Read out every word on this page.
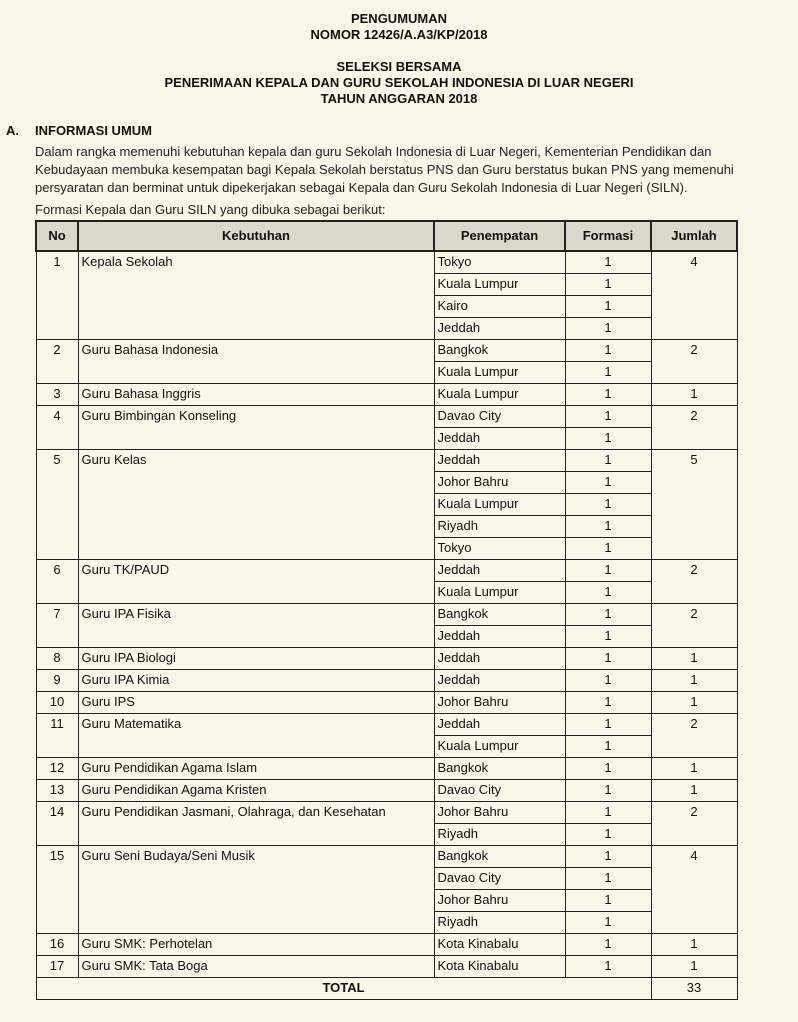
PENGUMUMAN
NOMOR 12426/A.A3/KP/2018
SELEKSI BERSAMA
PENERIMAAN KEPALA DAN GURU SEKOLAH INDONESIA DI LUAR NEGERI
TAHUN ANGGARAN 2018
A. INFORMASI UMUM
Dalam rangka memenuhi kebutuhan kepala dan guru Sekolah Indonesia di Luar Negeri, Kementerian Pendidikan dan Kebudayaan membuka kesempatan bagi Kepala Sekolah berstatus PNS dan Guru berstatus bukan PNS yang memenuhi persyaratan dan berminat untuk dipekerjakan sebagai Kepala dan Guru Sekolah Indonesia di Luar Negeri (SILN).
Formasi Kepala dan Guru SILN yang dibuka sebagai berikut:
No	Kebutuhan	Penempatan	Formasi	Jumlah
1	Kepala Sekolah	Tokyo	1	4
		Kuala Lumpur	1	
		Kairo	1	
		Jeddah	1	
2	Guru Bahasa Indonesia	Bangkok	1	2
		Kuala Lumpur	1	
3	Guru Bahasa Inggris	Kuala Lumpur	1	1
4	Guru Bimbingan Konseling	Davao City	1	2
		Jeddah	1	
5	Guru Kelas	Jeddah	1	5
		Johor Bahru	1	
		Kuala Lumpur	1	
		Riyadh	1	
		Tokyo	1	
6	Guru TK/PAUD	Jeddah	1	2
		Kuala Lumpur	1	
7	Guru IPA Fisika	Bangkok	1	2
		Jeddah	1	
8	Guru IPA Biologi	Jeddah	1	1
9	Guru IPA Kimia	Jeddah	1	1
10	Guru IPS	Johor Bahru	1	1
11	Guru Matematika	Jeddah	1	2
		Kuala Lumpur	1	
12	Guru Pendidikan Agama Islam	Bangkok	1	1
13	Guru Pendidikan Agama Kristen	Davao City	1	1
14	Guru Pendidikan Jasmani, Olahraga, dan Kesehatan	Johor Bahru	1	2
		Riyadh	1	
15	Guru Seni Budaya/Seni Musik	Bangkok	1	4
		Davao City	1	
		Johor Bahru	1	
		Riyadh	1	
16	Guru SMK: Perhotelan	Kota Kinabalu	1	1
17	Guru SMK: Tata Boga	Kota Kinabalu	1	1
TOTAL				33
